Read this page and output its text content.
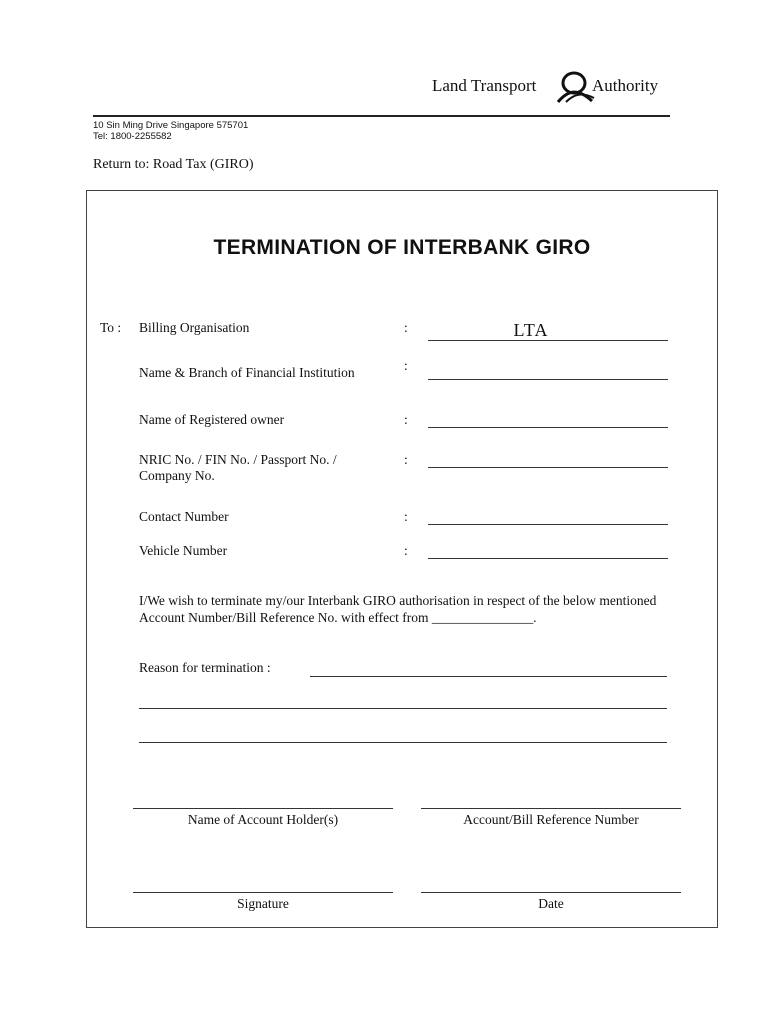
Land Transport	Authority
10 Sin Ming Drive Singapore 575701
Tel: 1800-2255582
Return to: Road Tax (GIRO)
TERMINATION OF INTERBANK GIRO
To : Billing Organisation	:	LTA
Name & Branch of Financial Institution	:
Name of Registered owner	:
NRIC No. / FIN No. / Passport No. / Company No.
:
Contact Number	:
Vehicle Number	:
I/We wish to terminate my/our Interbank GIRO authorisation in respect of the below mentioned Account Number/Bill Reference No. with effect from _______________.
Reason for termination :
Name of Account Holder(s)	Account/Bill Reference Number
Signature	Date
